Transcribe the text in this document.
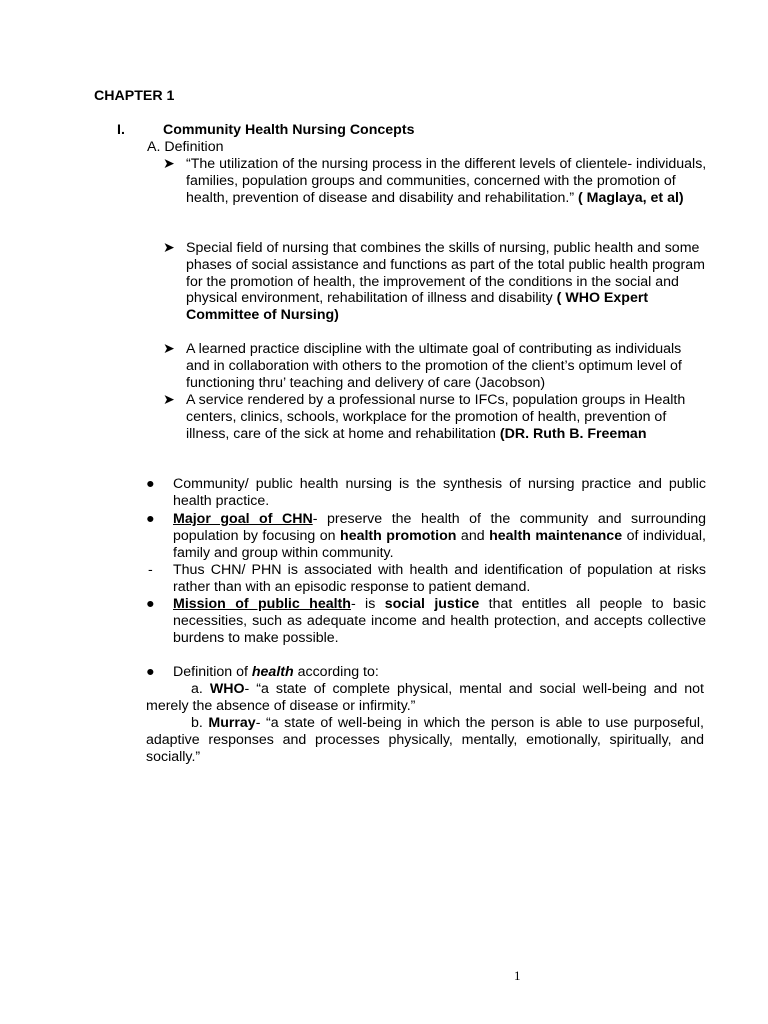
CHAPTER 1
I.	Community Health Nursing Concepts
A. Definition
➤ “The utilization of the nursing process in the different levels of clientele- individuals, families, population groups and communities, concerned with the promotion of health, prevention of disease and disability and rehabilitation.” ( Maglaya, et al)
➤ Special field of nursing that combines the skills of nursing, public health and some phases of social assistance and functions as part of the total public health program for the promotion of health, the improvement of the conditions in the social and physical environment, rehabilitation of illness and disability ( WHO Expert Committee of Nursing)
➤ A learned practice discipline with the ultimate goal of contributing as individuals and in collaboration with others to the promotion of the client’s optimum level of functioning thru’ teaching and delivery of care (Jacobson)
➤ A service rendered by a professional nurse to IFCs, population groups in Health centers, clinics, schools, workplace for the promotion of health, prevention of illness, care of the sick at home and rehabilitation (DR. Ruth B. Freeman
●	Community/ public health nursing is the synthesis of nursing practice and public health practice.
●	Major goal of CHN- preserve the health of the community and surrounding population by focusing on health promotion and health maintenance of individual, family and group within community.
-	Thus CHN/ PHN is associated with health and identification of population at risks rather than with an episodic response to patient demand.
●	Mission of public health- is social justice that entitles all people to basic necessities, such as adequate income and health protection, and accepts collective burdens to make possible.
●	Definition of health according to:
a. WHO- “a state of complete physical, mental and social well-being and not merely the absence of disease or infirmity.”
b. Murray- “a state of well-being in which the person is able to use purposeful, adaptive responses and processes physically, mentally, emotionally, spiritually, and socially.”
1
